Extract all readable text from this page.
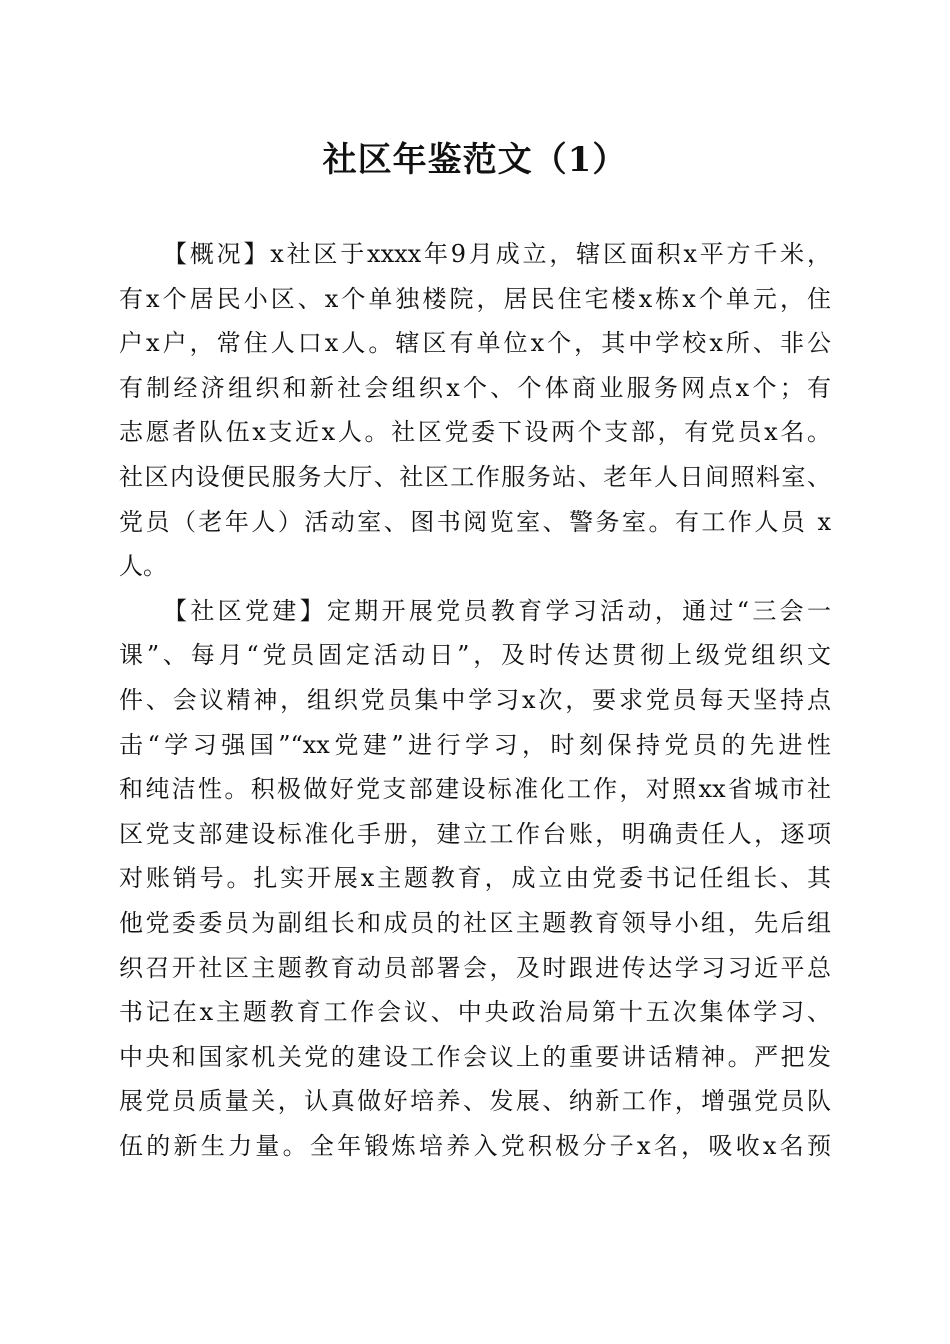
社区年鉴范文（1）
【概况】x社区于xxxx年9月成立，辖区面积x平方千米，
有x个居民小区、x个单独楼院，居民住宅楼x栋x个单元，住
户x户，常住人口x人。辖区有单位x个，其中学校x所、非公
有制经济组织和新社会组织x个、个体商业服务网点x个；有
志愿者队伍x支近x人。社区党委下设两个支部，有党员x名。
社区内设便民服务大厅、社区工作服务站、老年人日间照料室、
党员（老年人）活动室、图书阅览室、警务室。有工作人员 x
人。
【社区党建】定期开展党员教育学习活动，通过“三会一
课”、每月“党员固定活动日”，及时传达贯彻上级党组织文
件、会议精神，组织党员集中学习x次，要求党员每天坚持点
击“学习强国”“xx党建”进行学习，时刻保持党员的先进性
和纯洁性。积极做好党支部建设标准化工作，对照xx省城市社
区党支部建设标准化手册，建立工作台账，明确责任人，逐项
对账销号。扎实开展x主题教育，成立由党委书记任组长、其
他党委委员为副组长和成员的社区主题教育领导小组，先后组
织召开社区主题教育动员部署会，及时跟进传达学习习近平总
书记在x主题教育工作会议、中央政治局第十五次集体学习、
中央和国家机关党的建设工作会议上的重要讲话精神。严把发
展党员质量关，认真做好培养、发展、纳新工作，增强党员队
伍的新生力量。全年锻炼培养入党积极分子x名，吸收x名预
